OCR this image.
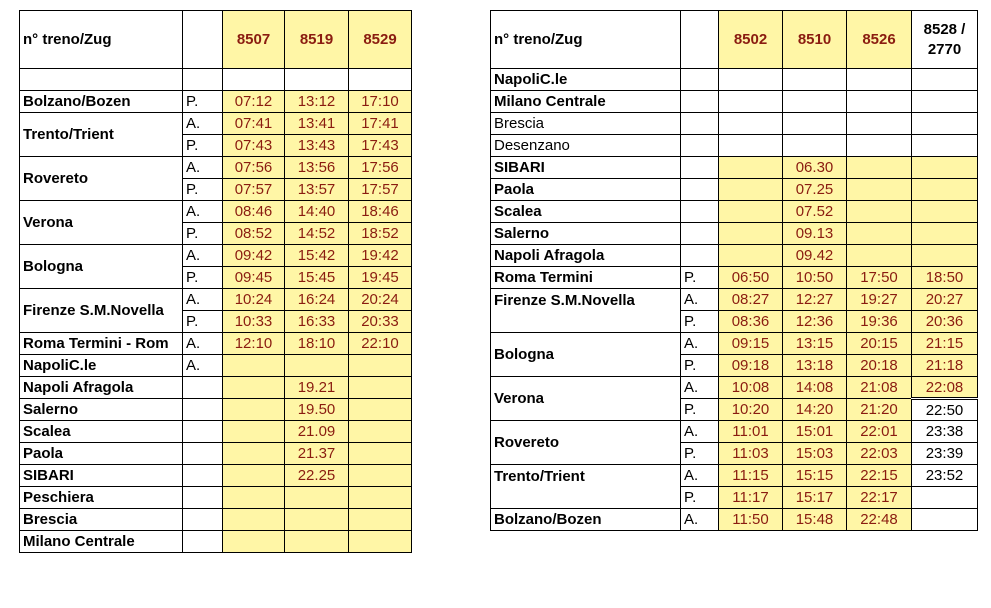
n° treno/Zug		8507	8519	8529

Bolzano/Bozen	P.	07:12	13:12	17:10
Trento/Trient	A.	07:41	13:41	17:41
	P.	07:43	13:43	17:43
Rovereto	A.	07:56	13:56	17:56
	P.	07:57	13:57	17:57
Verona	A.	08:46	14:40	18:46
	P.	08:52	14:52	18:52
Bologna	A.	09:42	15:42	19:42
	P.	09:45	15:45	19:45
Firenze S.M.Novella	A.	10:24	16:24	20:24
	P.	10:33	16:33	20:33
Roma Termini - Rom	A.	12:10	18:10	22:10
NapoliC.le	A.			
Napoli Afragola			19.21	
Salerno			19.50	
Scalea			21.09	
Paola			21.37	
SIBARI			22.25	
Peschiera				
Brescia				
Milano Centrale				
n° treno/Zug		8502	8510	8526	8528 /
2770
NapoliC.le					
Milano Centrale					
Brescia					
Desenzano					
SIBARI			06.30		
Paola			07.25		
Scalea			07.52		
Salerno			09.13		
Napoli Afragola			09.42		
Roma Termini	P.	06:50	10:50	17:50	18:50
Firenze S.M.Novella	A.	08:27	12:27	19:27	20:27
	P.	08:36	12:36	19:36	20:36
Bologna	A.	09:15	13:15	20:15	21:15
	P.	09:18	13:18	20:18	21:18
Verona	A.	10:08	14:08	21:08	22:08
	P.	10:20	14:20	21:20	22:50
Rovereto	A.	11:01	15:01	22:01	23:38
	P.	11:03	15:03	22:03	23:39
Trento/Trient	A.	11:15	15:15	22:15	23:52
	P.	11:17	15:17	22:17	
Bolzano/Bozen	A.	11:50	15:48	22:48	
